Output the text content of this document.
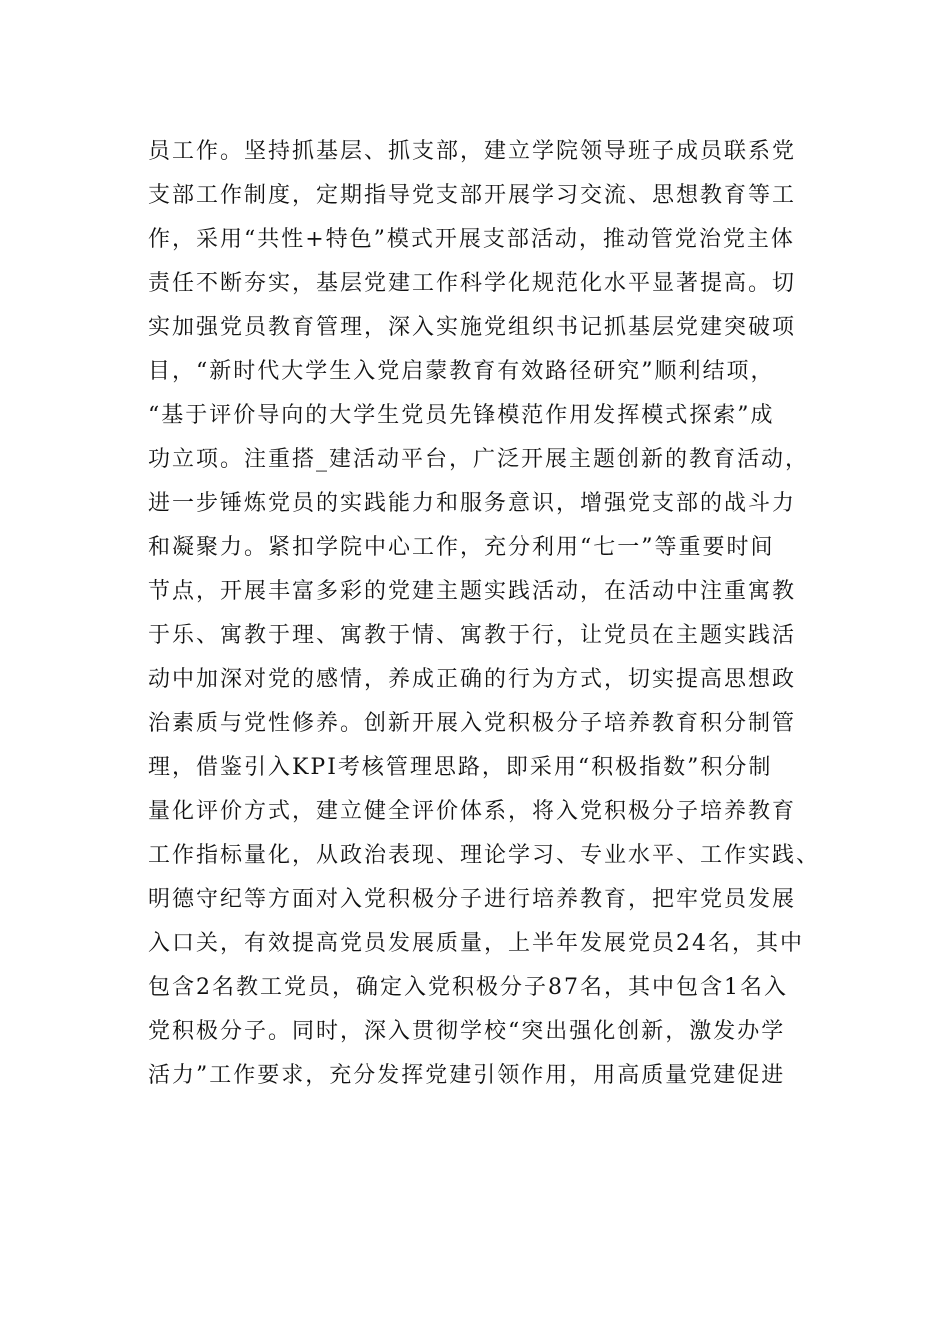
员工作。坚持抓基层、抓支部，建立学院领导班子成员联系党
支部工作制度，定期指导党支部开展学习交流、思想教育等工
作，采用“共性+特色”模式开展支部活动，推动管党治党主体
责任不断夯实，基层党建工作科学化规范化水平显著提高。切
实加强党员教育管理，深入实施党组织书记抓基层党建突破项
目，“新时代大学生入党启蒙教育有效路径研究”顺利结项，
“基于评价导向的大学生党员先锋模范作用发挥模式探索”成
功立项。注重搭_建活动平台，广泛开展主题创新的教育活动，
进一步锤炼党员的实践能力和服务意识，增强党支部的战斗力
和凝聚力。紧扣学院中心工作，充分利用“七一”等重要时间
节点，开展丰富多彩的党建主题实践活动，在活动中注重寓教
于乐、寓教于理、寓教于情、寓教于行，让党员在主题实践活
动中加深对党的感情，养成正确的行为方式，切实提高思想政
治素质与党性修养。创新开展入党积极分子培养教育积分制管
理，借鉴引入KPI考核管理思路，即采用“积极指数”积分制
量化评价方式，建立健全评价体系，将入党积极分子培养教育
工作指标量化，从政治表现、理论学习、专业水平、工作实践、
明德守纪等方面对入党积极分子进行培养教育，把牢党员发展
入口关，有效提高党员发展质量，上半年发展党员24名，其中
包含2名教工党员，确定入党积极分子87名，其中包含1名入
党积极分子。同时，深入贯彻学校“突出强化创新，激发办学
活力”工作要求，充分发挥党建引领作用，用高质量党建促进
